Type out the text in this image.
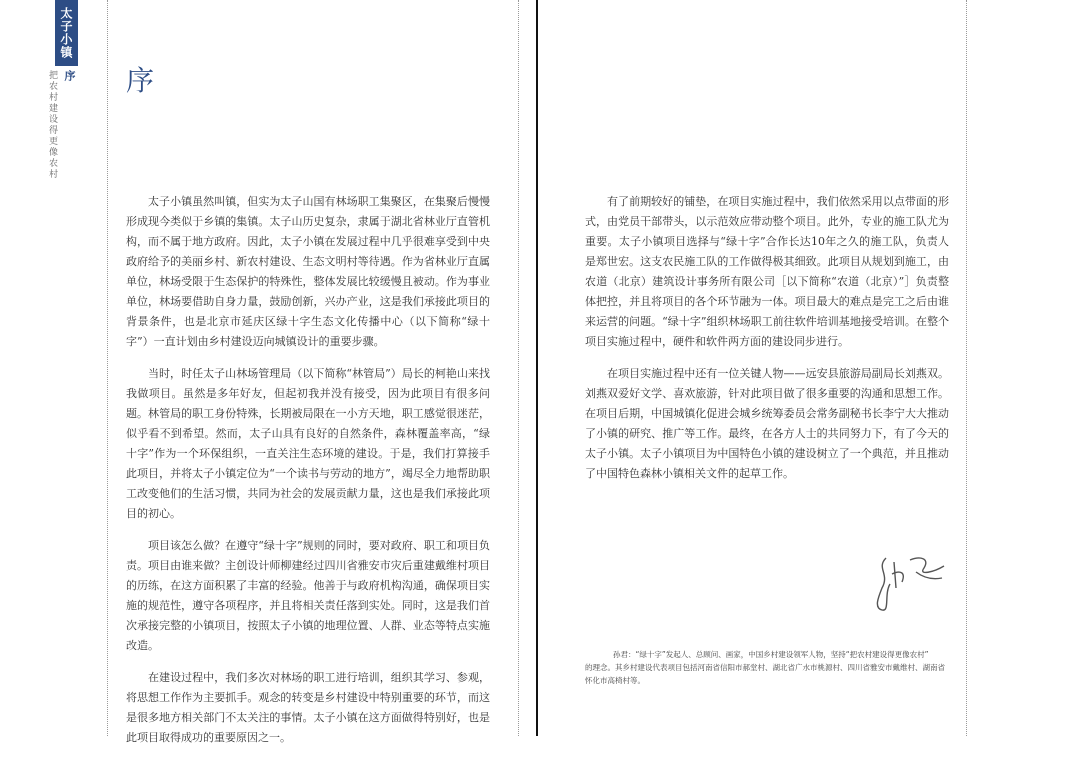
太子小镇
序
把农村建设得更像农村 序

太子小镇虽然叫镇，但实为太子山国有林场职工集聚区，在集聚后慢慢形成现今类似于乡镇的集镇。太子山历史复杂，隶属于湖北省林业厅直管机构，而不属于地方政府。因此，太子小镇在发展过程中几乎很难享受到中央政府给予的美丽乡村、新农村建设、生态文明村等待遇。作为省林业厅直属单位，林场受限于生态保护的特殊性，整体发展比较缓慢且被动。作为事业单位，林场要借助自身力量，鼓励创新，兴办产业，这是我们承接此项目的背景条件，也是北京市延庆区绿十字生态文化传播中心（以下简称“绿十字”）一直计划由乡村建设迈向城镇设计的重要步骤。

当时，时任太子山林场管理局（以下简称“林管局”）局长的柯艳山来找我做项目。虽然是多年好友，但起初我并没有接受，因为此项目有很多问题。林管局的职工身份特殊，长期被局限在一小方天地，职工感觉很迷茫，似乎看不到希望。然而，太子山具有良好的自然条件，森林覆盖率高，“绿十字”作为一个环保组织，一直关注生态环境的建设。于是，我们打算接手此项目，并将太子小镇定位为“一个读书与劳动的地方”，竭尽全力地帮助职工改变他们的生活习惯，共同为社会的发展贡献力量，这也是我们承接此项目的初心。

项目该怎么做？在遵守“绿十字”规则的同时，要对政府、职工和项目负责。项目由谁来做？主创设计师柳建经过四川省雅安市灾后重建戴维村项目的历练，在这方面积累了丰富的经验。他善于与政府机构沟通，确保项目实施的规范性，遵守各项程序，并且将相关责任落到实处。同时，这是我们首次承接完整的小镇项目，按照太子小镇的地理位置、人群、业态等特点实施改造。

在建设过程中，我们多次对林场的职工进行培训，组织其学习、参观，将思想工作作为主要抓手。观念的转变是乡村建设中特别重要的环节，而这是很多地方相关部门不太关注的事情。太子小镇在这方面做得特别好，也是此项目取得成功的重要原因之一。

有了前期较好的铺垫，在项目实施过程中，我们依然采用以点带面的形式，由党员干部带头，以示范效应带动整个项目。此外，专业的施工队尤为重要。太子小镇项目选择与“绿十字”合作长达10年之久的施工队，负责人是郑世宏。这支农民施工队的工作做得极其细致。此项目从规划到施工，由农道（北京）建筑设计事务所有限公司［以下简称“农道（北京）”］负责整体把控，并且将项目的各个环节融为一体。项目最大的难点是完工之后由谁来运营的问题。“绿十字”组织林场职工前往软件培训基地接受培训。在整个项目实施过程中，硬件和软件两方面的建设同步进行。

在项目实施过程中还有一位关键人物——远安县旅游局副局长刘燕双。刘燕双爱好文学、喜欢旅游，针对此项目做了很多重要的沟通和思想工作。在项目后期，中国城镇化促进会城乡统筹委员会常务副秘书长李宁大大推动了小镇的研究、推广等工作。最终，在各方人士的共同努力下，有了今天的太子小镇。太子小镇项目为中国特色小镇的建设树立了一个典范，并且推动了中国特色森林小镇相关文件的起草工作。

孙君：“绿十字”发起人、总顾问、画家，中国乡村建设领军人物，坚持“把农村建设得更像农村”
的理念。其乡村建设代表项目包括河南省信阳市郝堂村、湖北省广水市桃源村、四川省雅安市戴维村、湖南省怀化市高椅村等。
